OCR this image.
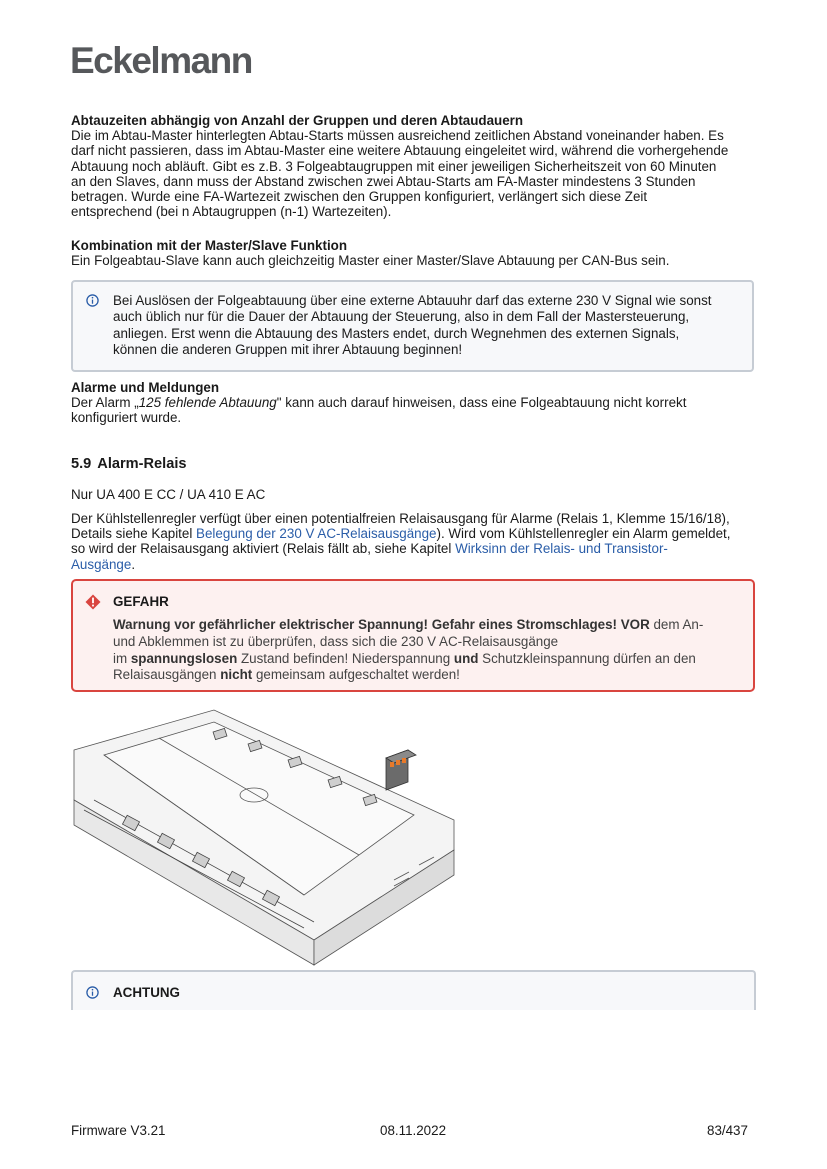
Eckelmann

Abtauzeiten abhängig von Anzahl der Gruppen und deren Abtaudauern

Die im Abtau-Master hinterlegten Abtau-Starts müssen ausreichend zeitlichen Abstand voneinander haben. Es

darf nicht passieren, dass im Abtau-Master eine weitere Abtauung eingeleitet wird, während die vorhergehende

Abtauung noch abläuft. Gibt es z.B. 3 Folgeabtaugruppen mit einer jeweiligen Sicherheitszeit von 60 Minuten

an den Slaves, dann muss der Abstand zwischen zwei Abtau-Starts am FA-Master mindestens 3 Stunden

betragen. Wurde eine FA-Wartezeit zwischen den Gruppen konfiguriert, verlängert sich diese Zeit

entsprechend (bei n Abtaugruppen (n-1) Wartezeiten).

Kombination mit der Master/Slave Funktion

Ein Folgeabtau-Slave kann auch gleichzeitig Master einer Master/Slave Abtauung per CAN-Bus sein.

Bei Auslösen der Folgeabtauung über eine externe Abtauuhr darf das externe 230 V Signal wie sonst
auch üblich nur für die Dauer der Abtauung der Steuerung, also in dem Fall der Mastersteuerung,
anliegen. Erst wenn die Abtauung des Masters endet, durch Wegnehmen des externen Signals,
können die anderen Gruppen mit ihrer Abtauung beginnen!

Alarme und Meldungen

Der Alarm „125 fehlende Abtauung" kann auch darauf hinweisen, dass eine Folgeabtauung nicht korrekt

konfiguriert wurde.

5.9 Alarm-Relais

Nur UA 400 E CC / UA 410 E AC

Der Kühlstellenregler verfügt über einen potentialfreien Relaisausgang für Alarme (Relais 1, Klemme 15/16/18),

Details siehe Kapitel Belegung der 230 V AC-Relaisausgänge). Wird vom Kühlstellenregler ein Alarm gemeldet,

so wird der Relaisausgang aktiviert (Relais fällt ab, siehe Kapitel Wirksinn der Relais- und Transistor-

Ausgänge.

GEFAHR
Warnung vor gefährlicher elektrischer Spannung! Gefahr eines Stromschlages! VOR dem An-
und Abklemmen ist zu überprüfen, dass sich die 230 V AC-Relaisausgänge
im spannungslosen Zustand befinden! Niederspannung und Schutzkleinspannung dürfen an den
Relaisausgängen nicht gemeinsam aufgeschaltet werden!
ACHTUNG
Firmware V3.21	08.11.2022	83/437
